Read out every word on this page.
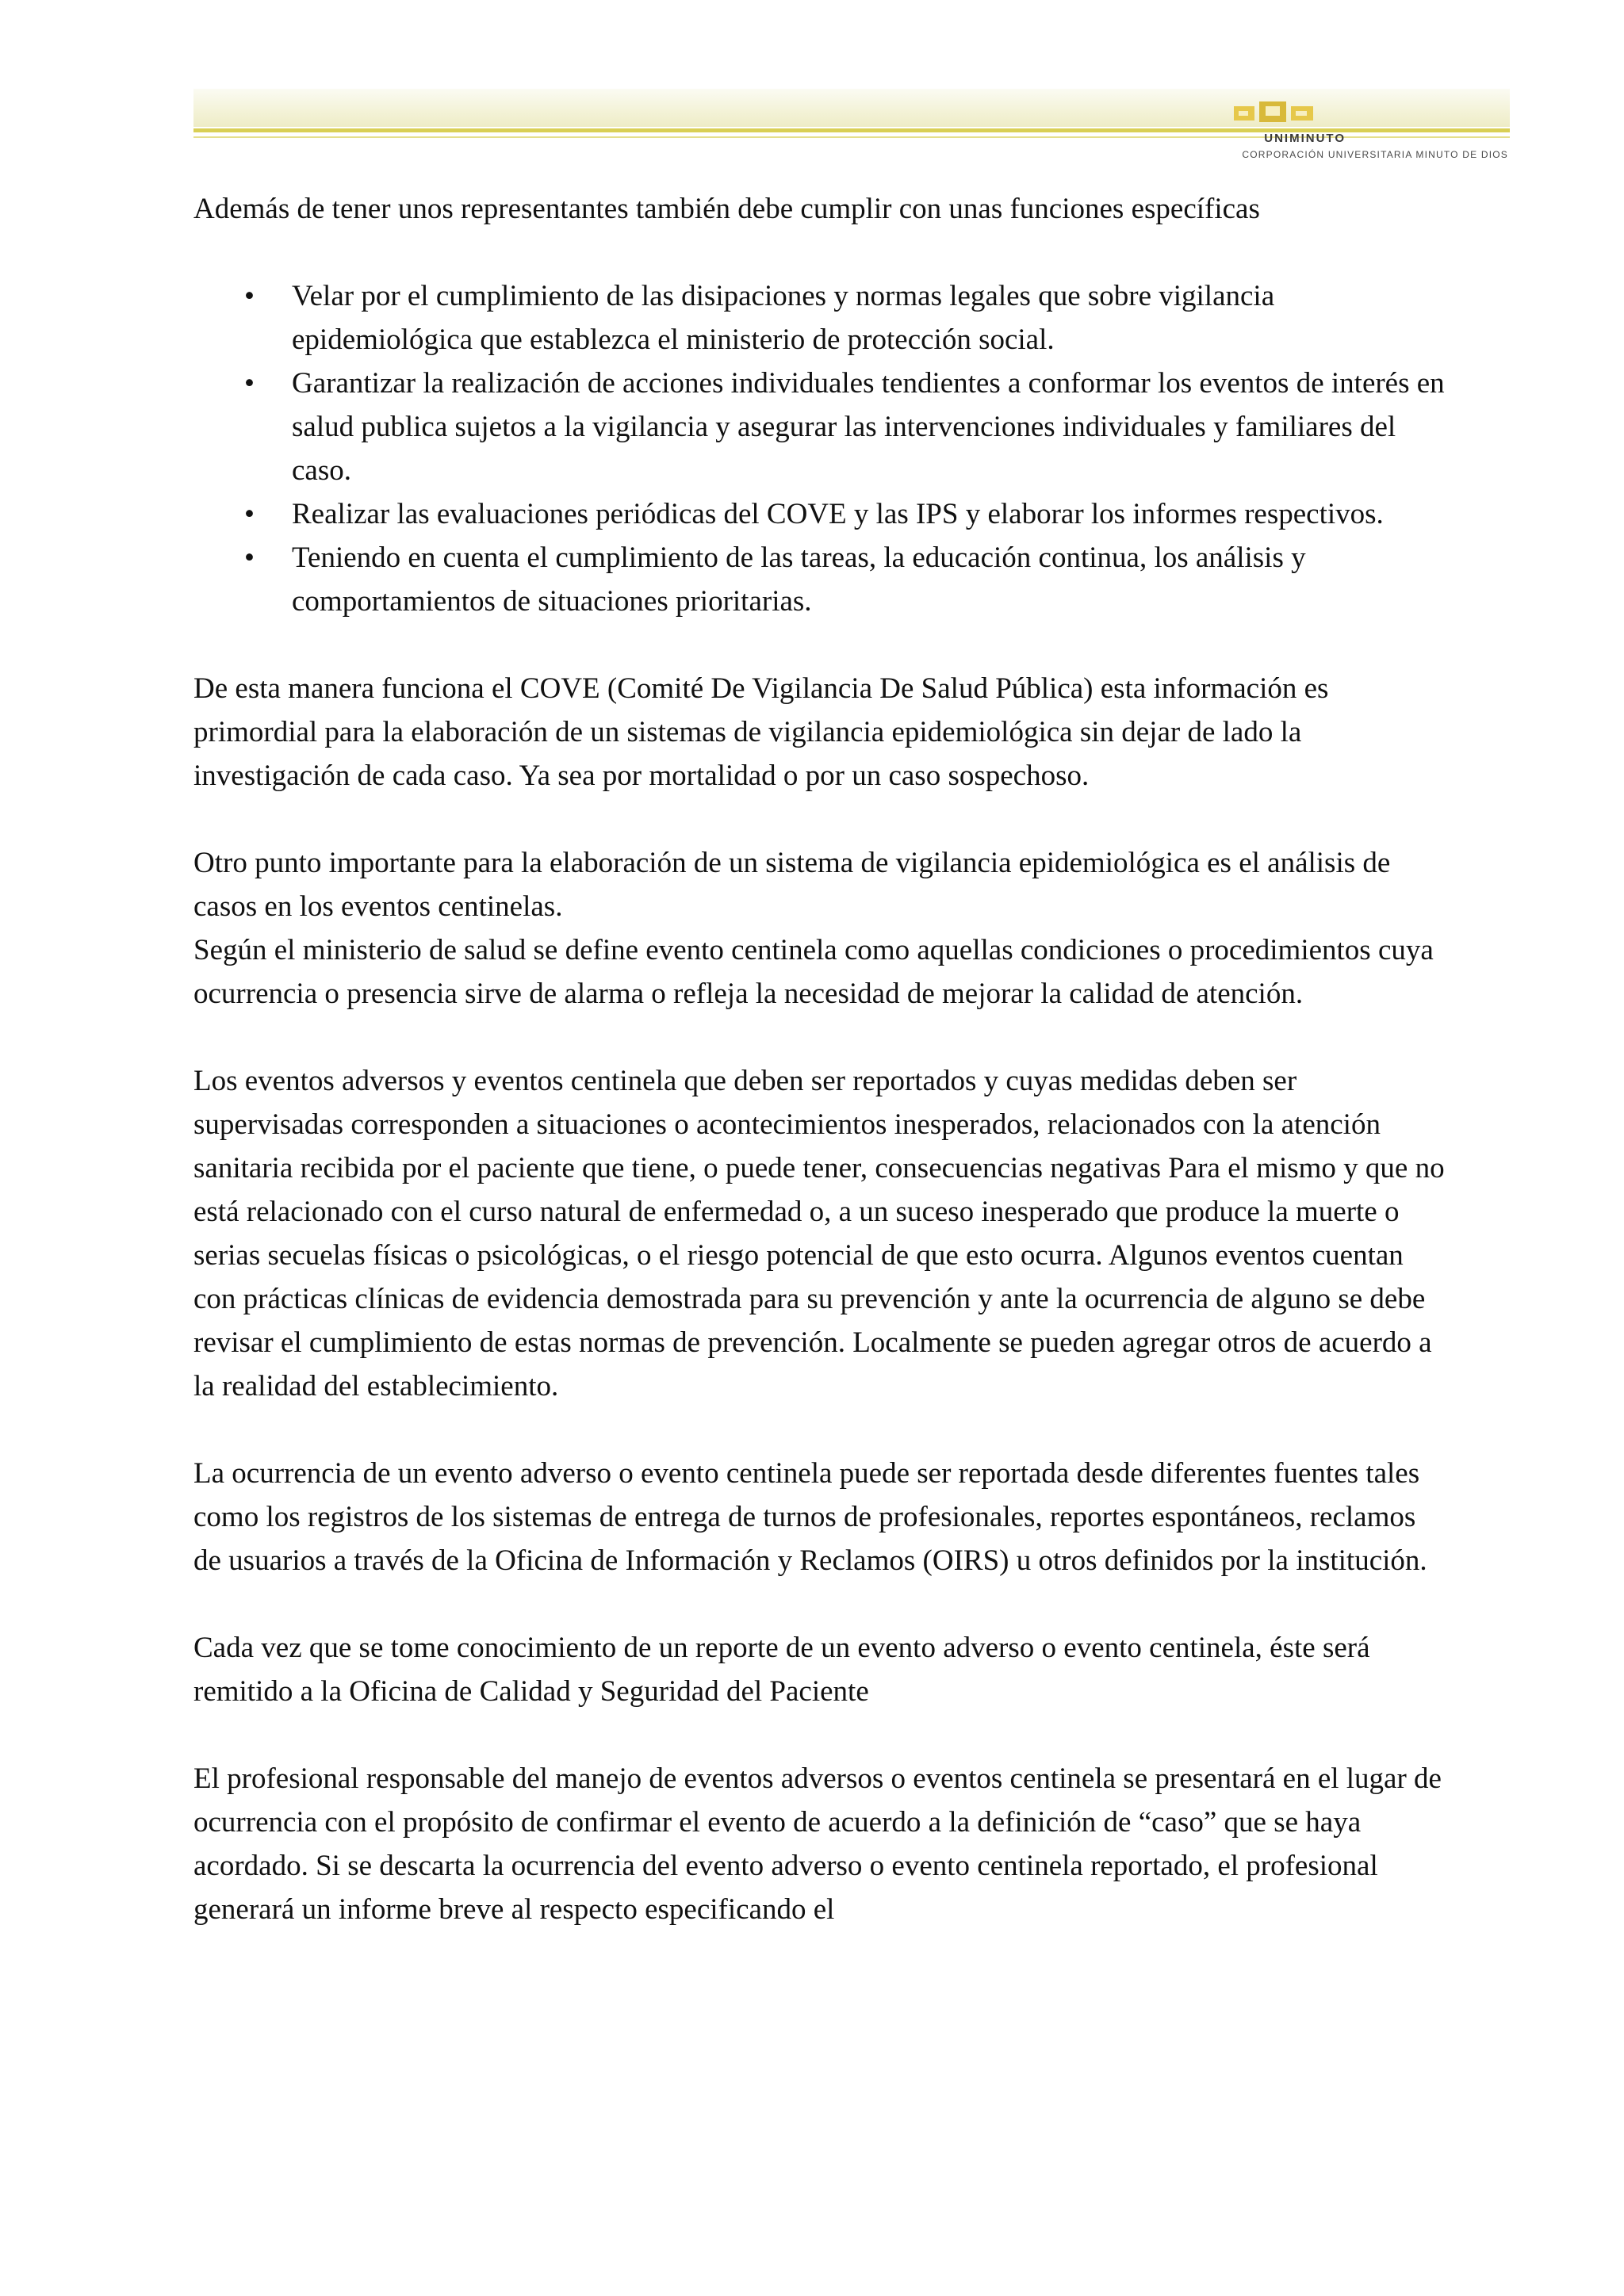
UNIMINUTO
CORPORACIÓN UNIVERSITARIA MINUTO DE DIOS

Además de tener unos representantes también debe cumplir con unas funciones específicas

• Velar por el cumplimiento de las disipaciones y normas legales que sobre vigilancia epidemiológica que establezca el ministerio de protección social.
• Garantizar la realización de acciones individuales tendientes a conformar los eventos de interés en salud publica sujetos a la vigilancia y asegurar las intervenciones individuales y familiares del caso.
• Realizar las evaluaciones periódicas del COVE y las IPS y elaborar los informes respectivos.
• Teniendo en cuenta el cumplimiento de las tareas, la educación continua, los análisis y comportamientos de situaciones prioritarias.

De esta manera funciona el COVE (Comité De Vigilancia De Salud Pública) esta información es primordial para la elaboración de un sistemas de vigilancia epidemiológica sin dejar de lado la investigación de cada caso. Ya sea por mortalidad o por un caso sospechoso.

Otro punto importante para la elaboración de un sistema de vigilancia epidemiológica es el análisis de casos en los eventos centinelas.

Según el ministerio de salud se define evento centinela como aquellas condiciones o procedimientos cuya ocurrencia o presencia sirve de alarma o refleja la necesidad de mejorar la calidad de atención.

Los eventos adversos y eventos centinela que deben ser reportados y cuyas medidas deben ser supervisadas corresponden a situaciones o acontecimientos inesperados, relacionados con la atención sanitaria recibida por el paciente que tiene, o puede tener, consecuencias negativas Para el mismo y que no está relacionado con el curso natural de enfermedad o, a un suceso inesperado que produce la muerte o serias secuelas físicas o psicológicas, o el riesgo potencial de que esto ocurra. Algunos eventos cuentan con prácticas clínicas de evidencia demostrada para su prevención y ante la ocurrencia de alguno se debe revisar el cumplimiento de estas normas de prevención. Localmente se pueden agregar otros de acuerdo a la realidad del establecimiento.

La ocurrencia de un evento adverso o evento centinela puede ser reportada desde diferentes fuentes tales como los registros de los sistemas de entrega de turnos de profesionales, reportes espontáneos, reclamos de usuarios a través de la Oficina de Información y Reclamos (OIRS) u otros definidos por la institución.

Cada vez que se tome conocimiento de un reporte de un evento adverso o evento centinela, éste será remitido a la Oficina de Calidad y Seguridad del Paciente

El profesional responsable del manejo de eventos adversos o eventos centinela se presentará en el lugar de ocurrencia con el propósito de confirmar el evento de acuerdo a la definición de “caso” que se haya acordado. Si se descarta la ocurrencia del evento adverso o evento centinela reportado, el profesional generará un informe breve al respecto especificando el
